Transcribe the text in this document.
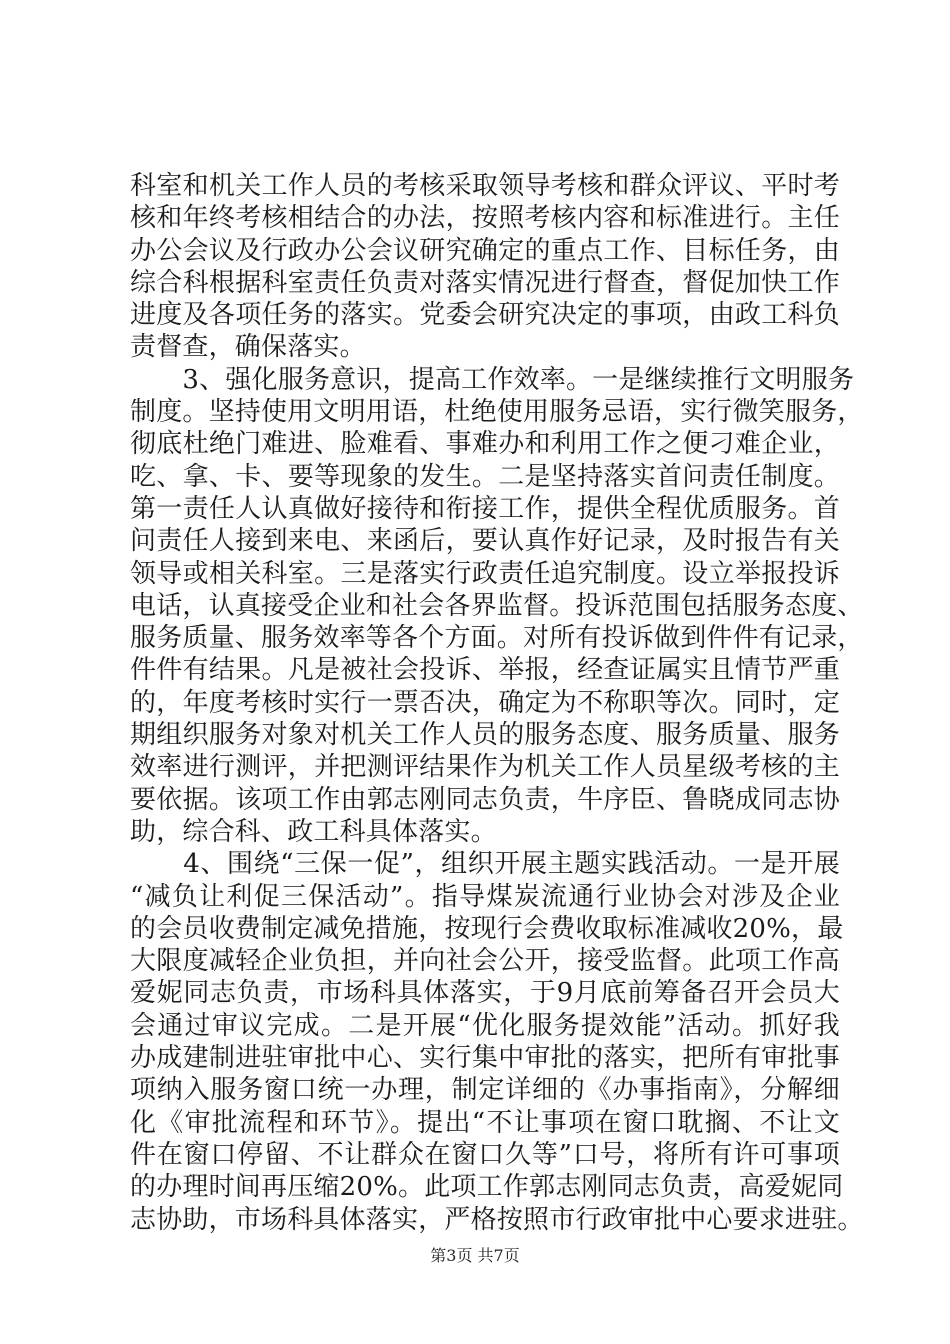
科室和机关工作人员的考核采取领导考核和群众评议、平时考
核和年终考核相结合的办法，按照考核内容和标准进行。主任
办公会议及行政办公会议研究确定的重点工作、目标任务，由
综合科根据科室责任负责对落实情况进行督查，督促加快工作
进度及各项任务的落实。党委会研究决定的事项，由政工科负
责督查，确保落实。
　　3、强化服务意识，提高工作效率。一是继续推行文明服务
制度。坚持使用文明用语，杜绝使用服务忌语，实行微笑服务，
彻底杜绝门难进、脸难看、事难办和利用工作之便刁难企业，
吃、拿、卡、要等现象的发生。二是坚持落实首问责任制度。
第一责任人认真做好接待和衔接工作，提供全程优质服务。首
问责任人接到来电、来函后，要认真作好记录，及时报告有关
领导或相关科室。三是落实行政责任追究制度。设立举报投诉
电话，认真接受企业和社会各界监督。投诉范围包括服务态度、
服务质量、服务效率等各个方面。对所有投诉做到件件有记录，
件件有结果。凡是被社会投诉、举报，经查证属实且情节严重
的，年度考核时实行一票否决，确定为不称职等次。同时，定
期组织服务对象对机关工作人员的服务态度、服务质量、服务
效率进行测评，并把测评结果作为机关工作人员星级考核的主
要依据。该项工作由郭志刚同志负责，牛序臣、鲁晓成同志协
助，综合科、政工科具体落实。
　　4、围绕“三保一促”，组织开展主题实践活动。一是开展
“减负让利促三保活动”。指导煤炭流通行业协会对涉及企业
的会员收费制定减免措施，按现行会费收取标准减收20%，最
大限度减轻企业负担，并向社会公开，接受监督。此项工作高
爱妮同志负责，市场科具体落实，于9月底前筹备召开会员大
会通过审议完成。二是开展“优化服务提效能”活动。抓好我
办成建制进驻审批中心、实行集中审批的落实，把所有审批事
项纳入服务窗口统一办理，制定详细的《办事指南》，分解细
化《审批流程和环节》。提出“不让事项在窗口耽搁、不让文
件在窗口停留、不让群众在窗口久等”口号，将所有许可事项
的办理时间再压缩20%。此项工作郭志刚同志负责，高爱妮同
志协助，市场科具体落实，严格按照市行政审批中心要求进驻。
第3页 共7页
